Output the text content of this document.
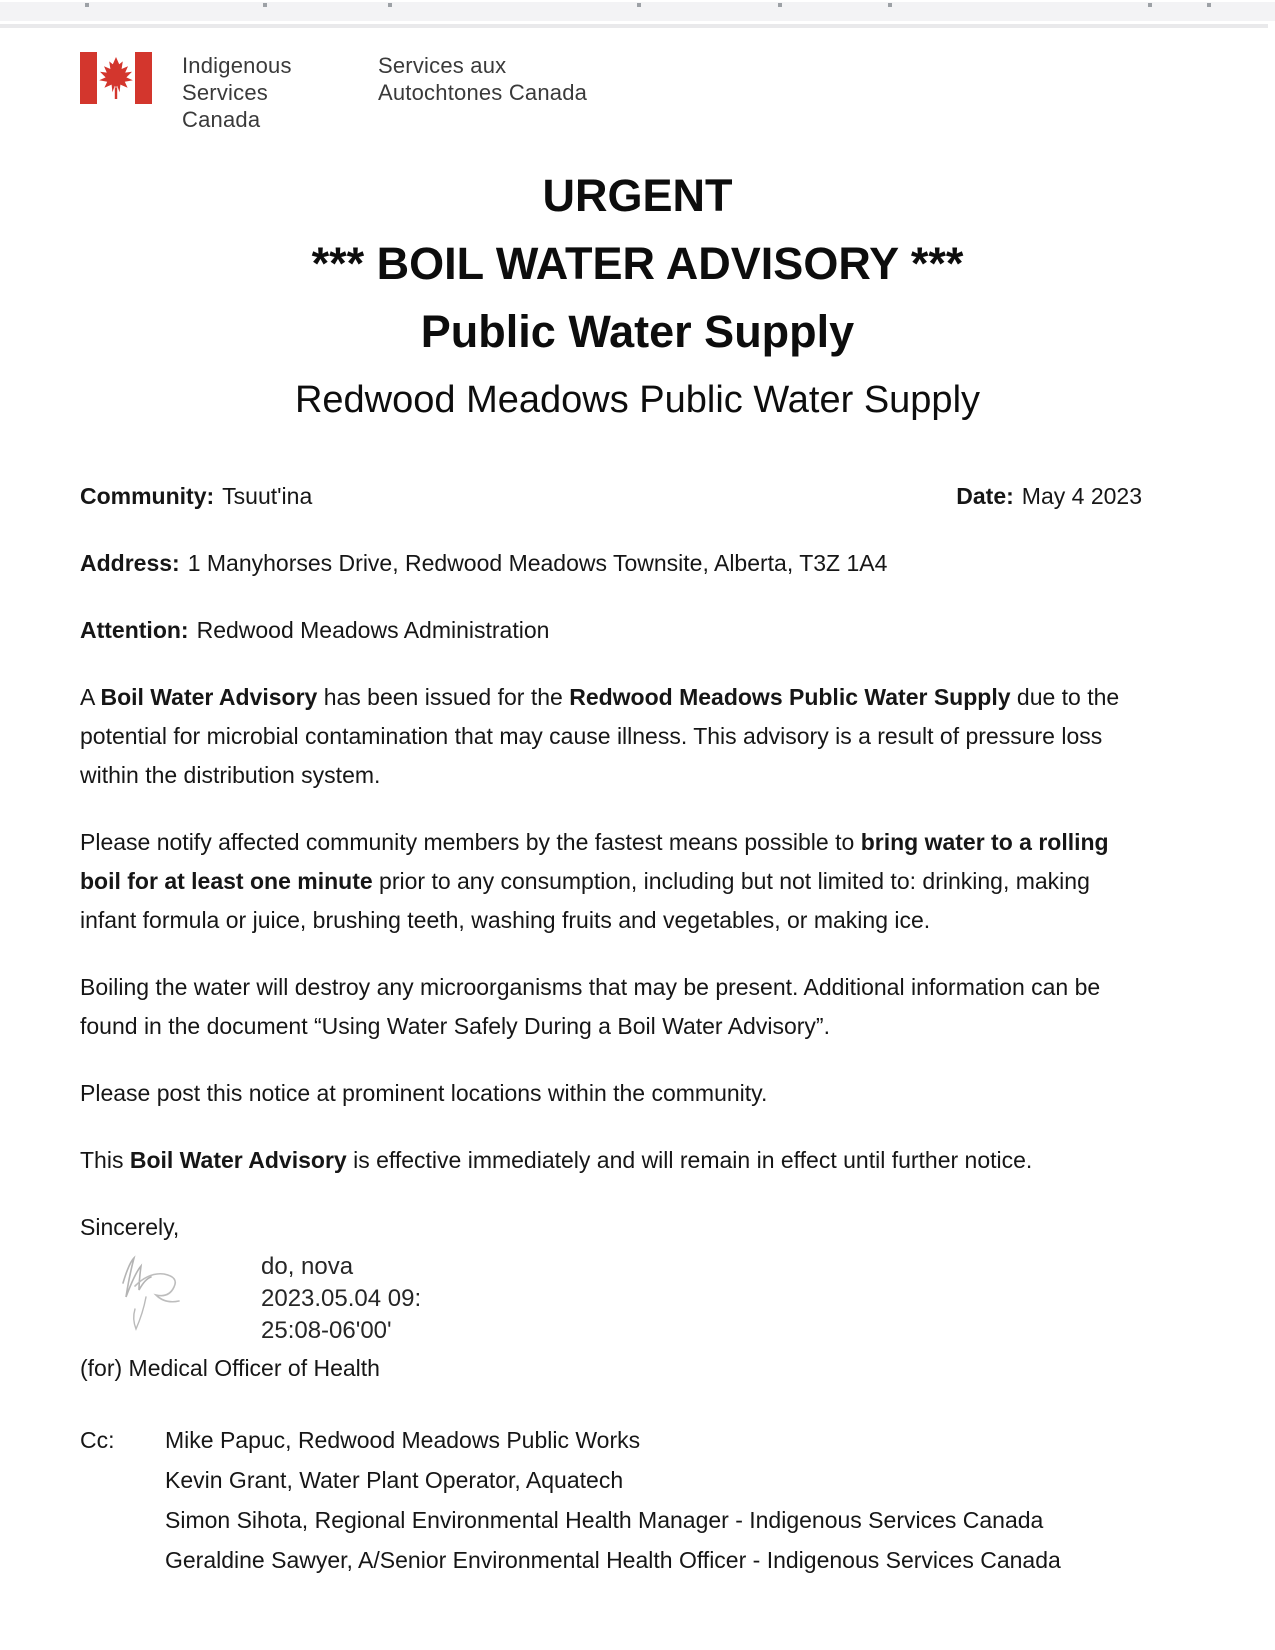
Indigenous Services
Canada
Services aux
Autochtones Canada
URGENT
*** BOIL WATER ADVISORY ***
Public Water Supply
Redwood Meadows Public Water Supply
Community: Tsuut'ina	Date: May 4 2023
Address: 1 Manyhorses Drive, Redwood Meadows Townsite, Alberta, T3Z 1A4
Attention: Redwood Meadows Administration

A Boil Water Advisory has been issued for the Redwood Meadows Public Water Supply due to the potential for microbial contamination that may cause illness. This advisory is a result of pressure loss within the distribution system.

Please notify affected community members by the fastest means possible to bring water to a rolling boil for at least one minute prior to any consumption, including but not limited to: drinking, making infant formula or juice, brushing teeth, washing fruits and vegetables, or making ice.

Boiling the water will destroy any microorganisms that may be present. Additional information can be found in the document “Using Water Safely During a Boil Water Advisory”.

Please post this notice at prominent locations within the community.

This Boil Water Advisory is effective immediately and will remain in effect until further notice.

Sincerely,
do, nova
2023.05.04 09:
25:08-06'00'
(for) Medical Officer of Health
Cc:	Mike Papuc, Redwood Meadows Public Works
Kevin Grant, Water Plant Operator, Aquatech
Simon Sihota, Regional Environmental Health Manager - Indigenous Services Canada
Geraldine Sawyer, A/Senior Environmental Health Officer - Indigenous Services Canada
